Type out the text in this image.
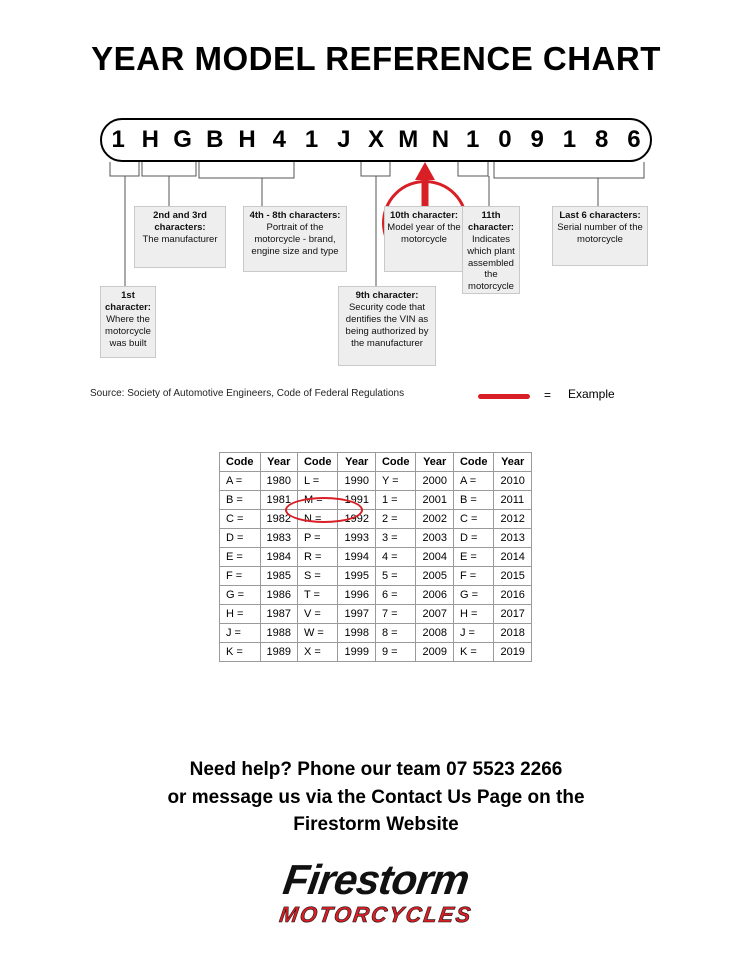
YEAR MODEL REFERENCE CHART
1 H G B H 4 1 J X M N 1 0 9 1 8 6
1st character:
Where the motorcycle was built
2nd and 3rd characters:
The manufacturer
4th - 8th characters:
Portrait of the motorcycle - brand, engine size and type
9th character:
Security code that dentifies the VIN as being authorized by the manufacturer
10th character:
Model year of the motorcycle
11th character:
Indicates which plant assembled the motorcycle
Last 6 characters:
Serial number of the motorcycle
Source: Society of Automotive Engineers, Code of Federal Regulations	= Example
Code	Year	Code	Year	Code	Year	Code	Year
A =	1980	L =	1990	Y =	2000	A =	2010
B =	1981	M =	1991	1 =	2001	B =	2011
C =	1982	N =	1992	2 =	2002	C =	2012
D =	1983	P =	1993	3 =	2003	D =	2013
E =	1984	R =	1994	4 =	2004	E =	2014
F =	1985	S =	1995	5 =	2005	F =	2015
G =	1986	T =	1996	6 =	2006	G =	2016
H =	1987	V =	1997	7 =	2007	H =	2017
J =	1988	W =	1998	8 =	2008	J =	2018
K =	1989	X =	1999	9 =	2009	K =	2019
Need help? Phone our team 07 5523 2266
or message us via the Contact Us Page on the
Firestorm Website
Firestorm
MOTORCYCLES
